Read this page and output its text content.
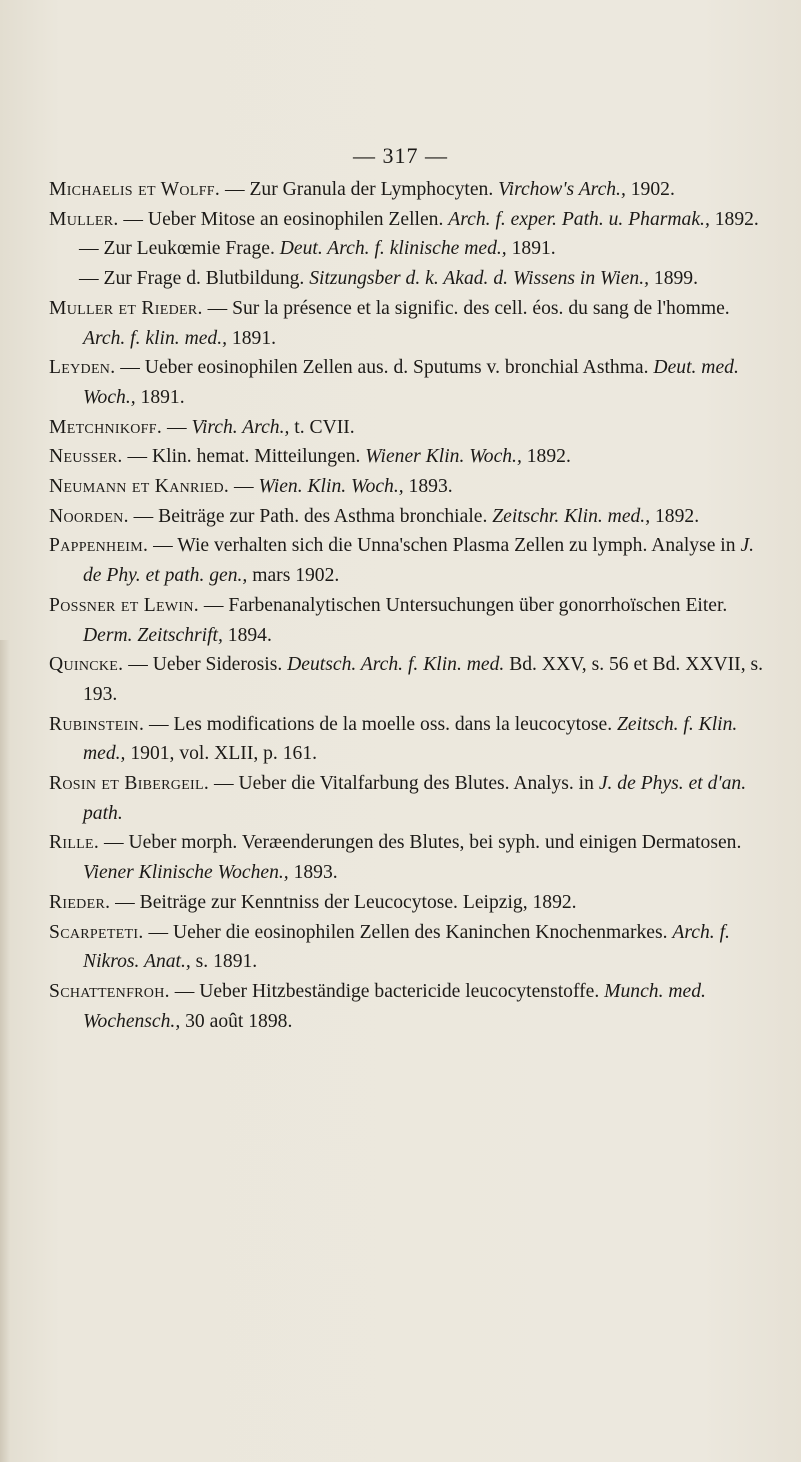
— 317 —

Michaelis et Wolff. — Zur Granula der Lymphocyten. Virchow's Arch., 1902.

Muller. — Ueber Mitose an eosinophilen Zellen. Arch. f. exper. Path. u. Pharmak., 1892.

— Zur Leukœmie Frage. Deut. Arch. f. klinische med., 1891.

— Zur Frage d. Blutbildung. Sitzungsber d. k. Akad. d. Wissens in Wien., 1899.

Muller et Rieder. — Sur la présence et la signific. des cell. éos. du sang de l'homme. Arch. f. klin. med., 1891.

Leyden. — Ueber eosinophilen Zellen aus. d. Sputums v. bronchial Asthma. Deut. med. Woch., 1891.

Metchnikoff. — Virch. Arch., t. CVII.

Neusser. — Klin. hemat. Mitteilungen. Wiener Klin. Woch., 1892.

Neumann et Kanried. — Wien. Klin. Woch., 1893.

Noorden. — Beiträge zur Path. des Asthma bronchiale. Zeitschr. Klin. med., 1892.

Pappenheim. — Wie verhalten sich die Unna'schen Plasma Zellen zu lymph. Analyse in J. de Phy. et path. gen., mars 1902.

Possner et Lewin. — Farbenanalytischen Untersuchungen über gonorrhoïschen Eiter. Derm. Zeitschrift, 1894.

Quincke. — Ueber Siderosis. Deutsch. Arch. f. Klin. med. Bd. XXV, s. 56 et Bd. XXVII, s. 193.

Rubinstein. — Les modifications de la moelle oss. dans la leucocytose. Zeitsch. f. Klin. med., 1901, vol. XLII, p. 161.

Rosin et Bibergeil. — Ueber die Vitalfarbung des Blutes. Analys. in J. de Phys. et d'an. path.

Rille. — Ueber morph. Veræenderungen des Blutes, bei syph. und einigen Dermatosen. Viener Klinische Wochen., 1893.

Rieder. — Beiträge zur Kenntniss der Leucocytose. Leipzig, 1892.

Scarpeteti. — Ueher die eosinophilen Zellen des Kaninchen Knochenmarkes. Arch. f. Nikros. Anat., s. 1891.

Schattenfroh. — Ueber Hitzbeständige bactericide leucocytenstoffe. Munch. med. Wochensch., 30 août 1898.
